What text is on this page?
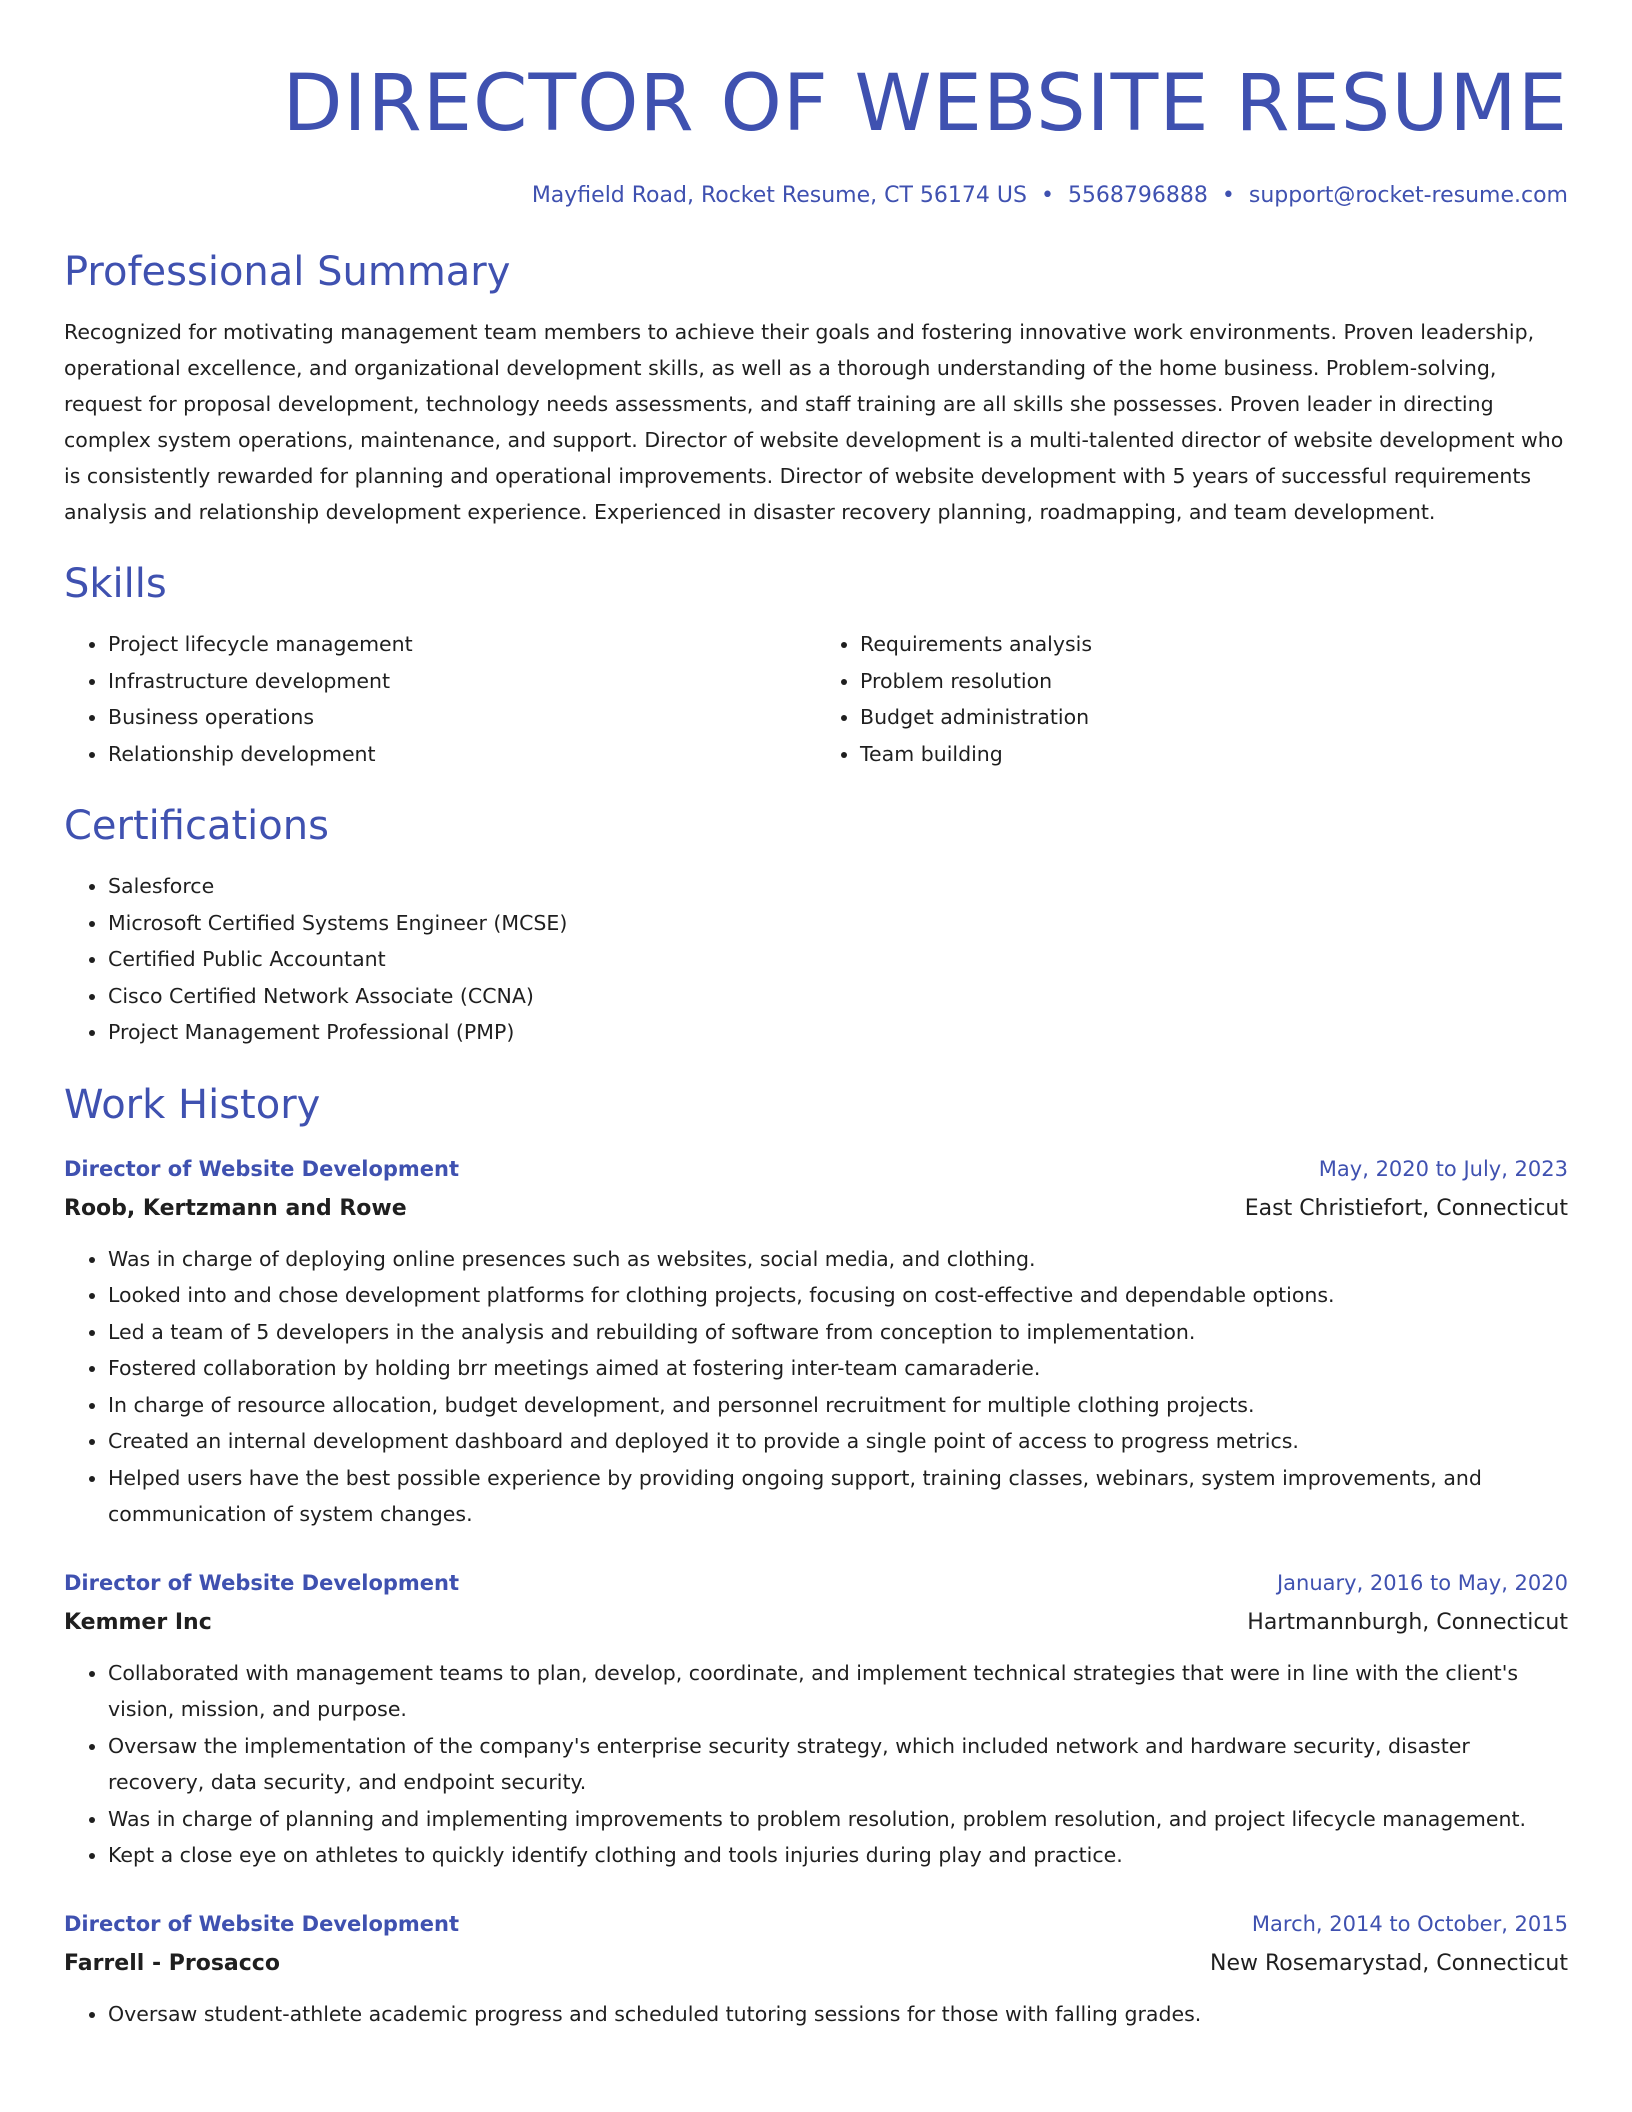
DIRECTOR OF WEBSITE RESUME
Mayfield Road, Rocket Resume, CT 56174 US • 5568796888 • support@rocket-resume.com
Professional Summary
Recognized for motivating management team members to achieve their goals and fostering innovative work environments. Proven leadership, operational excellence, and organizational development skills, as well as a thorough understanding of the home business. Problem-solving, request for proposal development, technology needs assessments, and staff training are all skills she possesses. Proven leader in directing complex system operations, maintenance, and support. Director of website development is a multi-talented director of website development who is consistently rewarded for planning and operational improvements. Director of website development with 5 years of successful requirements analysis and relationship development experience. Experienced in disaster recovery planning, roadmapping, and team development.
Skills
• Project lifecycle management
• Infrastructure development
• Business operations
• Relationship development
• Requirements analysis
• Problem resolution
• Budget administration
• Team building
Certifications
• Salesforce
• Microsoft Certified Systems Engineer (MCSE)
• Certified Public Accountant
• Cisco Certified Network Associate (CCNA)
• Project Management Professional (PMP)
Work History
Director of Website Development	May, 2020 to July, 2023
Roob, Kertzmann and Rowe	East Christiefort, Connecticut
• Was in charge of deploying online presences such as websites, social media, and clothing.
• Looked into and chose development platforms for clothing projects, focusing on cost-effective and dependable options.
• Led a team of 5 developers in the analysis and rebuilding of software from conception to implementation.
• Fostered collaboration by holding brr meetings aimed at fostering inter-team camaraderie.
• In charge of resource allocation, budget development, and personnel recruitment for multiple clothing projects.
• Created an internal development dashboard and deployed it to provide a single point of access to progress metrics.
• Helped users have the best possible experience by providing ongoing support, training classes, webinars, system improvements, and communication of system changes.
Director of Website Development	January, 2016 to May, 2020
Kemmer Inc	Hartmannburgh, Connecticut
• Collaborated with management teams to plan, develop, coordinate, and implement technical strategies that were in line with the client's vision, mission, and purpose.
• Oversaw the implementation of the company's enterprise security strategy, which included network and hardware security, disaster recovery, data security, and endpoint security.
• Was in charge of planning and implementing improvements to problem resolution, problem resolution, and project lifecycle management.
• Kept a close eye on athletes to quickly identify clothing and tools injuries during play and practice.
Director of Website Development	March, 2014 to October, 2015
Farrell - Prosacco	New Rosemarystad, Connecticut
• Oversaw student-athlete academic progress and scheduled tutoring sessions for those with falling grades.
